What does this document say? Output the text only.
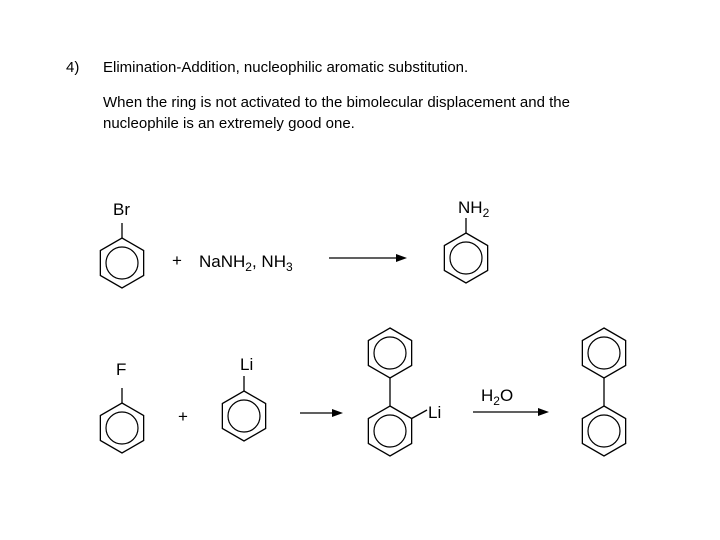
4) Elimination-Addition, nucleophilic aromatic substitution.
When the ring is not activated to the bimolecular displacement and the
nucleophile is an extremely good one.
Br
+ NaNH$_2$, $NH_3$
$NH_2$
F
+
Li
Li
$H_2O$
